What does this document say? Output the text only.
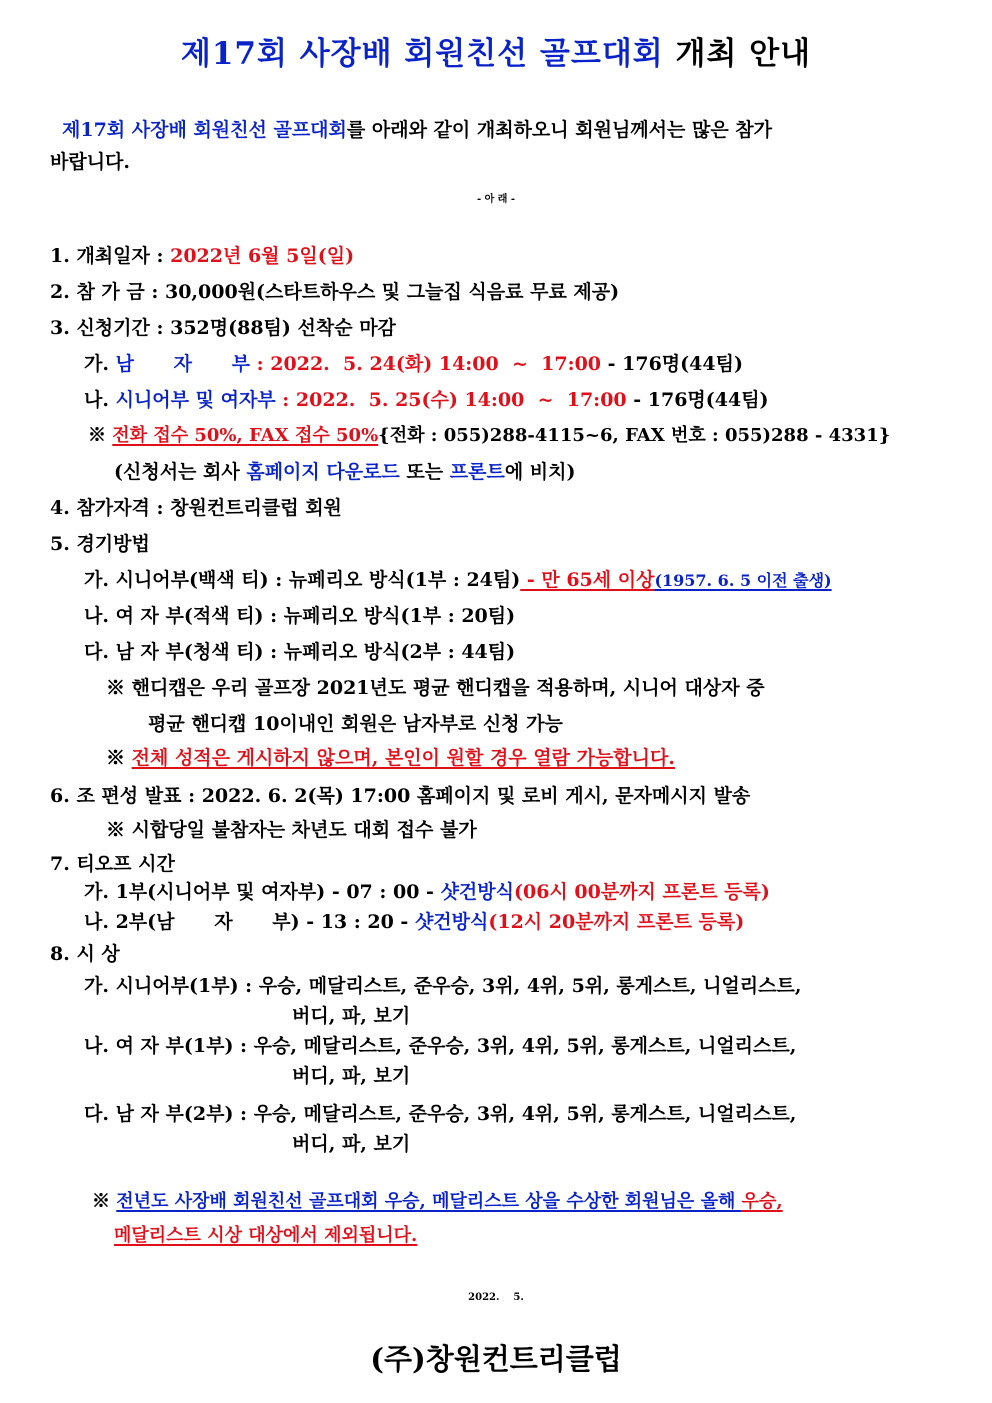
제17회 사장배 회원친선 골프대회 개최 안내
제17회 사장배 회원친선 골프대회를 아래와 같이 개최하오니 회원님께서는 많은 참가
바랍니다.
- 아 래 -
1. 개최일자 : 2022년 6월 5일(일)
2. 참 가 금 : 30,000원(스타트하우스 및 그늘집 식음료 무료 제공)
3. 신청기간 : 352명(88팀) 선착순 마감
가. 남      자      부 : 2022.  5. 24(화) 14:00  ~  17:00 - 176명(44팀)
나. 시니어부 및 여자부 : 2022.  5. 25(수) 14:00  ~  17:00 - 176명(44팀)
※ 전화 접수 50%, FAX 접수 50%{전화 : 055)288-4115~6, FAX 번호 : 055)288 - 4331}
(신청서는 회사 홈페이지 다운로드 또는 프론트에 비치)
4. 참가자격 : 창원컨트리클럽 회원
5. 경기방법
가. 시니어부(백색 티) : 뉴페리오 방식(1부 : 24팀) - 만 65세 이상(1957. 6. 5 이전 출생)
나. 여 자 부(적색 티) : 뉴페리오 방식(1부 : 20팀)
다. 남 자 부(청색 티) : 뉴페리오 방식(2부 : 44팀)
※ 핸디캡은 우리 골프장 2021년도 평균 핸디캡을 적용하며, 시니어 대상자 중
평균 핸디캡 10이내인 회원은 남자부로 신청 가능
※ 전체 성적은 게시하지 않으며, 본인이 원할 경우 열람 가능합니다.
6. 조 편성 발표 : 2022. 6. 2(목) 17:00 홈페이지 및 로비 게시, 문자메시지 발송
※ 시합당일 불참자는 차년도 대회 접수 불가
7. 티오프 시간
가. 1부(시니어부 및 여자부) - 07 : 00 - 샷건방식(06시 00분까지 프론트 등록)
나. 2부(남      자      부) - 13 : 20 - 샷건방식(12시 20분까지 프론트 등록)
8. 시 상
가. 시니어부(1부) : 우승, 메달리스트, 준우승, 3위, 4위, 5위, 롱게스트, 니얼리스트,
버디, 파, 보기
나. 여 자 부(1부) : 우승, 메달리스트, 준우승, 3위, 4위, 5위, 롱게스트, 니얼리스트,
버디, 파, 보기
다. 남 자 부(2부) : 우승, 메달리스트, 준우승, 3위, 4위, 5위, 롱게스트, 니얼리스트,
버디, 파, 보기
※ 전년도 사장배 회원친선 골프대회 우승, 메달리스트 상을 수상한 회원님은 올해 우승,
메달리스트 시상 대상에서 제외됩니다.
2022.    5.
(주)창원컨트리클럽
